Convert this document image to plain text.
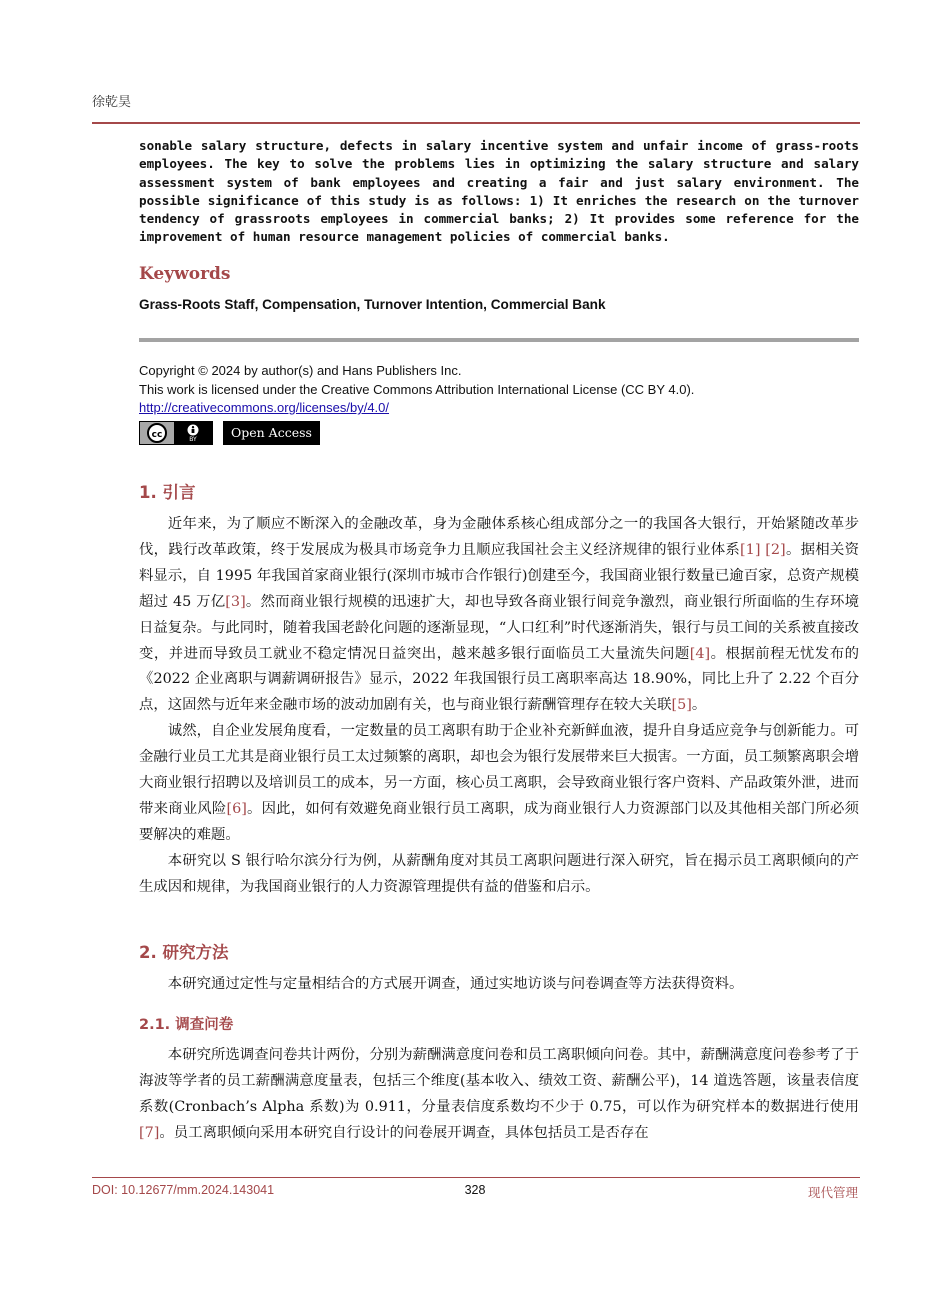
徐乾昊
sonable salary structure, defects in salary incentive system and unfair income of grass-roots employees. The key to solve the problems lies in optimizing the salary structure and salary assessment system of bank employees and creating a fair and just salary environment. The possible significance of this study is as follows: 1) It enriches the research on the turnover tendency of grassroots employees in commercial banks; 2) It provides some reference for the improvement of human resource management policies of commercial banks.
Keywords
Grass-Roots Staff, Compensation, Turnover Intention, Commercial Bank
Copyright © 2024 by author(s) and Hans Publishers Inc.
This work is licensed under the Creative Commons Attribution International License (CC BY 4.0).
http://creativecommons.org/licenses/by/4.0/
cc	BY	Open Access
1. 引言

近年来，为了顺应不断深入的金融改革，身为金融体系核心组成部分之一的我国各大银行，开始紧随改革步伐，践行改革政策，终于发展成为极具市场竞争力且顺应我国社会主义经济规律的银行业体系[1] [2]。据相关资料显示，自 1995 年我国首家商业银行(深圳市城市合作银行)创建至今，我国商业银行数量已逾百家，总资产规模超过 45 万亿[3]。然而商业银行规模的迅速扩大，却也导致各商业银行间竞争激烈，商业银行所面临的生存环境日益复杂。与此同时，随着我国老龄化问题的逐渐显现，“人口红利”时代逐渐消失，银行与员工间的关系被直接改变，并进而导致员工就业不稳定情况日益突出，越来越多银行面临员工大量流失问题[4]。根据前程无忧发布的《2022 企业离职与调薪调研报告》显示，2022 年我国银行员工离职率高达 18.90%，同比上升了 2.22 个百分点，这固然与近年来金融市场的波动加剧有关，也与商业银行薪酬管理存在较大关联[5]。

诚然，自企业发展角度看，一定数量的员工离职有助于企业补充新鲜血液，提升自身适应竞争与创新能力。可金融行业员工尤其是商业银行员工太过频繁的离职，却也会为银行发展带来巨大损害。一方面，员工频繁离职会增大商业银行招聘以及培训员工的成本，另一方面，核心员工离职，会导致商业银行客户资料、产品政策外泄，进而带来商业风险[6]。因此，如何有效避免商业银行员工离职，成为商业银行人力资源部门以及其他相关部门所必须要解决的难题。

本研究以 S 银行哈尔滨分行为例，从薪酬角度对其员工离职问题进行深入研究，旨在揭示员工离职倾向的产生成因和规律，为我国商业银行的人力资源管理提供有益的借鉴和启示。

2. 研究方法

本研究通过定性与定量相结合的方式展开调查，通过实地访谈与问卷调查等方法获得资料。

2.1. 调查问卷

本研究所选调查问卷共计两份，分别为薪酬满意度问卷和员工离职倾向问卷。其中，薪酬满意度问卷参考了于海波等学者的员工薪酬满意度量表，包括三个维度(基本收入、绩效工资、薪酬公平)，14 道选答题，该量表信度系数(Cronbach’s Alpha 系数)为 0.911，分量表信度系数均不少于 0.75，可以作为研究样本的数据进行使用[7]。员工离职倾向采用本研究自行设计的问卷展开调查，具体包括员工是否存在

328
DOI: 10.12677/mm.2024.143041	现代管理
